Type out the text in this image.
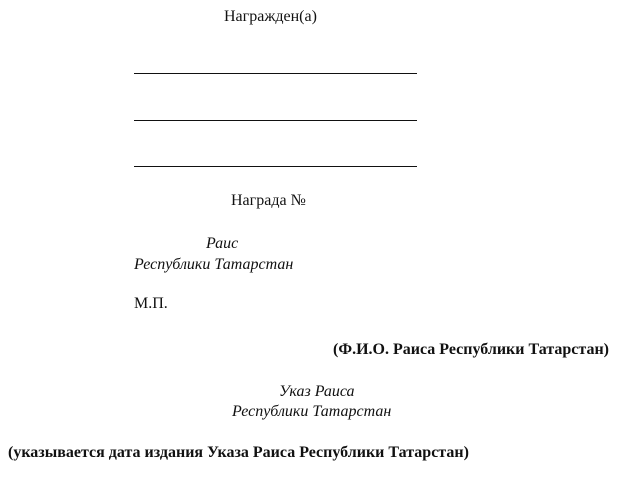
Награжден(а)
Награда №
Раис
Республики Татарстан
М.П.
(Ф.И.О. Раиса Республики Татарстан)
Указ Раиса
Республики Татарстан
(указывается дата издания Указа Раиса Республики Татарстан)
